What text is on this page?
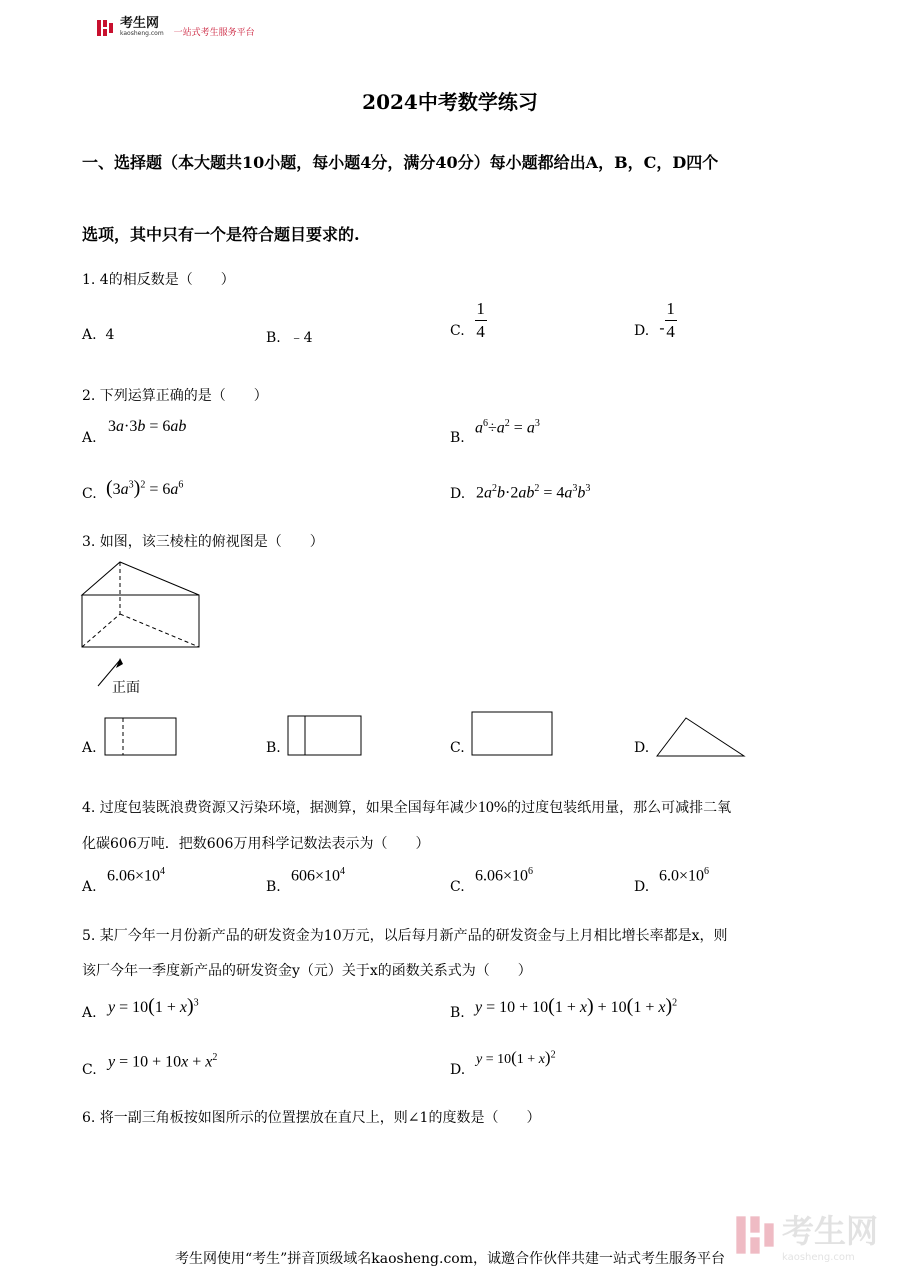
考生网
kaosheng.com 一站式考生服务平台
2024中考数学练习
一、选择题（本大题共10小题，每小题4分，满分40分）每小题都给出A，B，C，D四个
选项，其中只有一个是符合题目要求的.
1. 4的相反数是（　　）
A. 4	B. ﹣4	C. $\frac{1}{4}$	D. - $\frac{1}{4}$
2. 下列运算正确的是（　　）
A.
3a·3b = 6ab
B.
$a^6\div a^2 = a^3$
C. $(3a^3)^2 = 6a^6$
D. $2a^2b\cdot 2ab^2 = 4a^3b^3$
3. 如图，该三棱柱的俯视图是（　　）
正面
A.	B.	C.	D.
4. 过度包装既浪费资源又污染环境，据测算，如果全国每年减少10%的过度包装纸用量，那么可减排二氧
化碳606万吨．把数606万用科学记数法表示为（　　）
A.
$6.06\times 10^4$
B.
$606\times 10^4$
C.
$6.06\times 10^6$
D.
$6.0\times 10^6$
5. 某厂今年一月份新产品的研发资金为10万元，以后每月新产品的研发资金与上月相比增长率都是x，则
该厂今年一季度新产品的研发资金y（元）关于x的函数关系式为（　　）
A. $y = 10(1 + x)^3$
B. $y = 10 + 10(1 + x) + 10(1 + x)^2$
C. $y = 10 + 10x + x^2$
D.
$y = 10(1 + x)^2$
6. 将一副三角板按如图所示的位置摆放在直尺上，则∠1的度数是（　　）
考生网
kaosheng.com
考生网使用“考生”拼音顶级域名kaosheng.com，诚邀合作伙伴共建一站式考生服务平台
